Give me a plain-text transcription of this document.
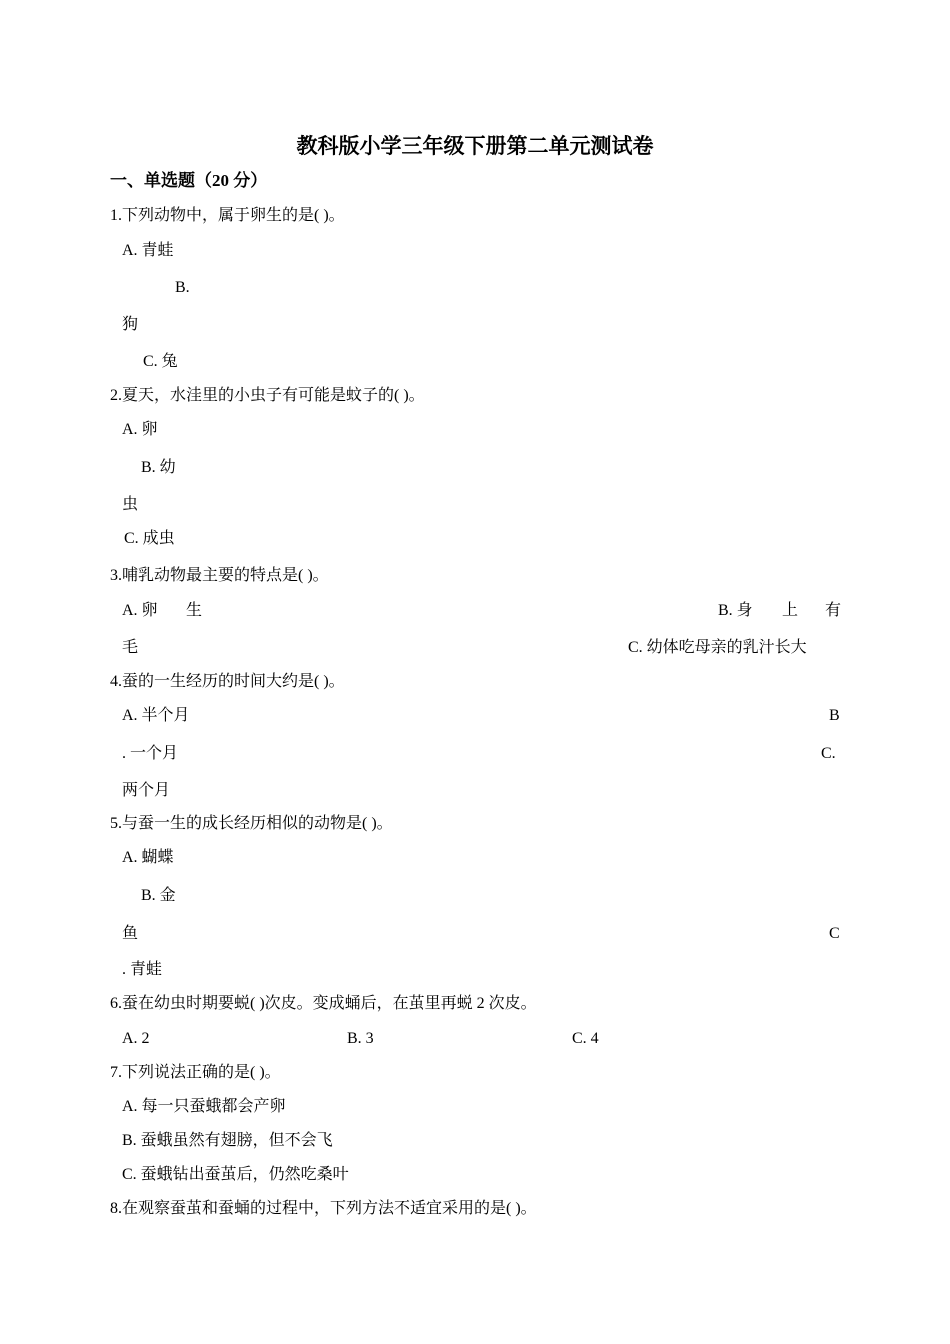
教科版小学三年级下册第二单元测试卷
一、单选题（20 分）
1.下列动物中，属于卵生的是( )。
A. 青蛙
B.
狗
C. 兔
2.夏天，水洼里的小虫子有可能是蚊子的( )。
A. 卵
B. 幼
虫
C. 成虫
3.哺乳动物最主要的特点是( )。
A. 卵 生	B. 身 上 有
毛	C. 幼体吃母亲的乳汁长大
4.蚕的一生经历的时间大约是( )。
A. 半个月	B
. 一个月	C.
两个月
5.与蚕一生的成长经历相似的动物是( )。
A. 蝴蝶
B. 金
鱼	C
. 青蛙
6.蚕在幼虫时期要蜕( )次皮。变成蛹后，在茧里再蜕 2 次皮。
A. 2	B. 3	C. 4
7.下列说法正确的是( )。
A. 每一只蚕蛾都会产卵
B. 蚕蛾虽然有翅膀，但不会飞
C. 蚕蛾钻出蚕茧后，仍然吃桑叶
8.在观察蚕茧和蚕蛹的过程中，下列方法不适宜采用的是( )。
